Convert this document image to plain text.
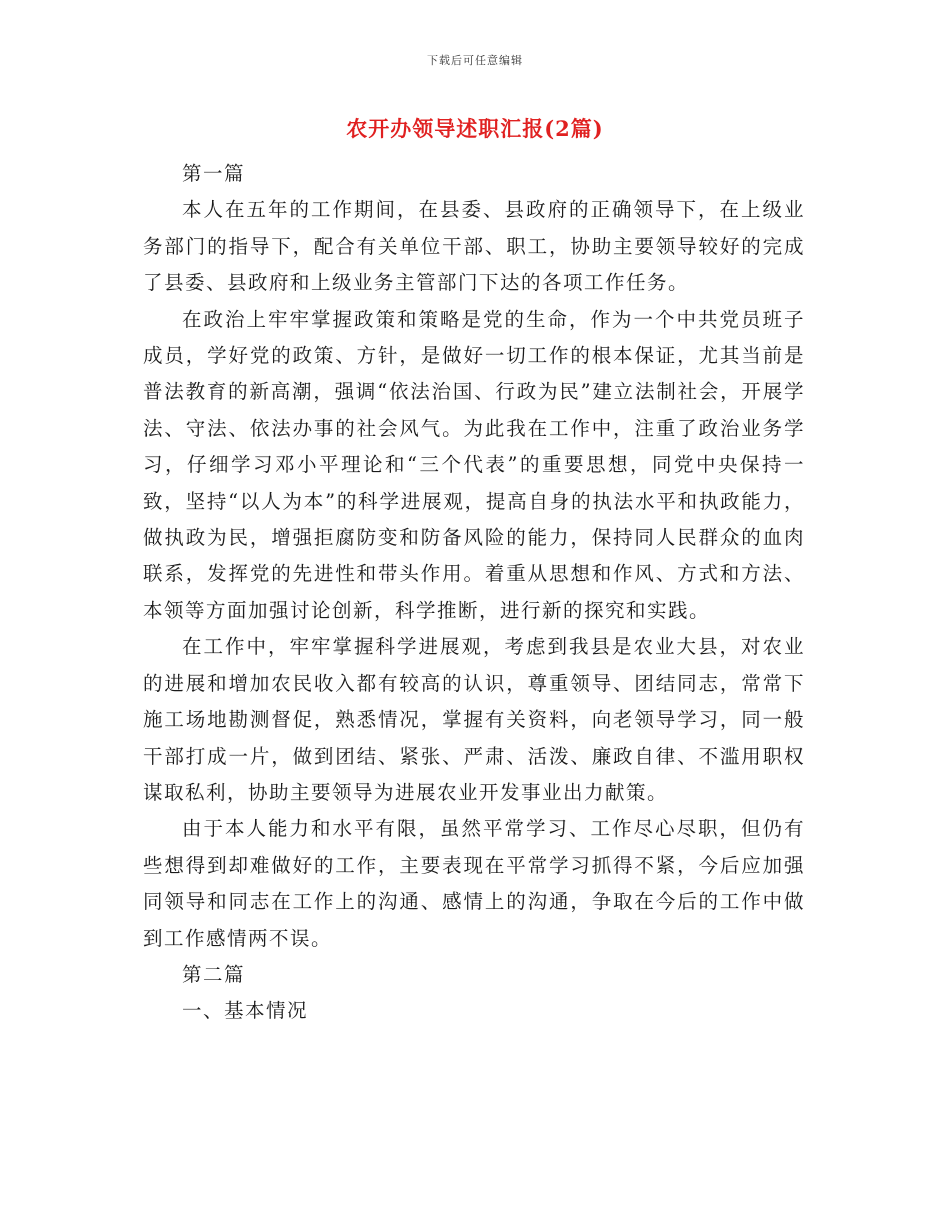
下载后可任意编辑
农开办领导述职汇报(2篇)

第一篇

本人在五年的工作期间，在县委、县政府的正确领导下，在上级业务部门的指导下，配合有关单位干部、职工，协助主要领导较好的完成了县委、县政府和上级业务主管部门下达的各项工作任务。

在政治上牢牢掌握政策和策略是党的生命，作为一个中共党员班子成员，学好党的政策、方针，是做好一切工作的根本保证，尤其当前是普法教育的新高潮，强调“依法治国、行政为民”建立法制社会，开展学法、守法、依法办事的社会风气。为此我在工作中，注重了政治业务学习，仔细学习邓小平理论和“三个代表”的重要思想，同党中央保持一致，坚持“以人为本”的科学进展观，提高自身的执法水平和执政能力，做执政为民，增强拒腐防变和防备风险的能力，保持同人民群众的血肉联系，发挥党的先进性和带头作用。着重从思想和作风、方式和方法、本领等方面加强讨论创新，科学推断，进行新的探究和实践。

在工作中，牢牢掌握科学进展观，考虑到我县是农业大县，对农业的进展和增加农民收入都有较高的认识，尊重领导、团结同志，常常下施工场地勘测督促，熟悉情况，掌握有关资料，向老领导学习，同一般干部打成一片，做到团结、紧张、严肃、活泼、廉政自律、不滥用职权谋取私利，协助主要领导为进展农业开发事业出力献策。

由于本人能力和水平有限，虽然平常学习、工作尽心尽职，但仍有些想得到却难做好的工作，主要表现在平常学习抓得不紧，今后应加强同领导和同志在工作上的沟通、感情上的沟通，争取在今后的工作中做到工作感情两不误。

第二篇

一、基本情况
